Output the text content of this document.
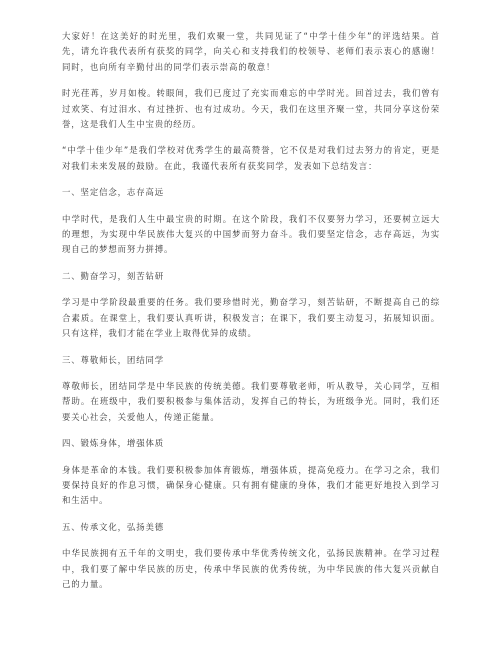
大家好！在这美好的时光里，我们欢聚一堂，共同见证了“中学十佳少年”的评选结果。首先，请允许我代表所有获奖的同学，向关心和支持我们的校领导、老师们表示衷心的感谢！同时，也向所有辛勤付出的同学们表示崇高的敬意！

时光荏苒，岁月如梭。转眼间，我们已度过了充实而难忘的中学时光。回首过去，我们曾有过欢笑、有过泪水、有过挫折、也有过成功。今天，我们在这里齐聚一堂，共同分享这份荣誉，这是我们人生中宝贵的经历。

“中学十佳少年”是我们学校对优秀学生的最高赞誉，它不仅是对我们过去努力的肯定，更是对我们未来发展的鼓励。在此，我谨代表所有获奖同学，发表如下总结发言：

一、坚定信念，志存高远

中学时代，是我们人生中最宝贵的时期。在这个阶段，我们不仅要努力学习，还要树立远大的理想，为实现中华民族伟大复兴的中国梦而努力奋斗。我们要坚定信念，志存高远，为实现自己的梦想而努力拼搏。

二、勤奋学习，刻苦钻研

学习是中学阶段最重要的任务。我们要珍惜时光，勤奋学习，刻苦钻研，不断提高自己的综合素质。在课堂上，我们要认真听讲，积极发言；在课下，我们要主动复习，拓展知识面。只有这样，我们才能在学业上取得优异的成绩。

三、尊敬师长，团结同学

尊敬师长，团结同学是中华民族的传统美德。我们要尊敬老师，听从教导，关心同学，互相帮助。在班级中，我们要积极参与集体活动，发挥自己的特长，为班级争光。同时，我们还要关心社会，关爱他人，传递正能量。

四、锻炼身体，增强体质

身体是革命的本钱。我们要积极参加体育锻炼，增强体质，提高免疫力。在学习之余，我们要保持良好的作息习惯，确保身心健康。只有拥有健康的身体，我们才能更好地投入到学习和生活中。

五、传承文化，弘扬美德

中华民族拥有五千年的文明史，我们要传承中华优秀传统文化，弘扬民族精神。在学习过程中，我们要了解中华民族的历史，传承中华民族的优秀传统，为中华民族的伟大复兴贡献自己的力量。
